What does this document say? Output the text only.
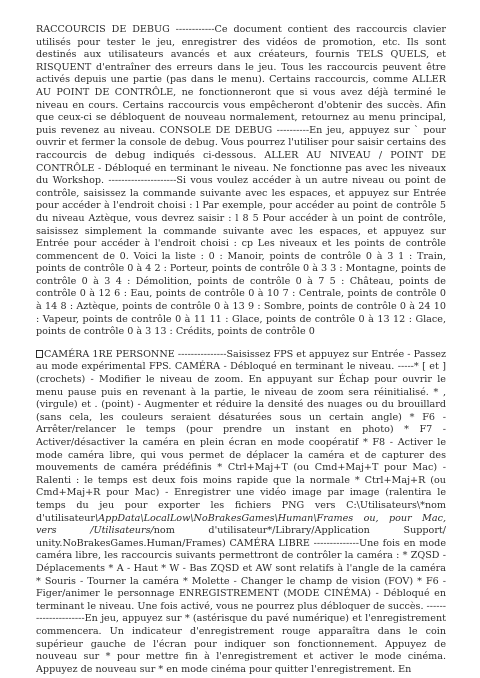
RACCOURCIS DE DEBUG ------------Ce document contient des raccourcis clavier utilisés pour tester le jeu, enregistrer des vidéos de promotion, etc. Ils sont destinés aux utilisateurs avancés et aux créateurs, fournis TELS QUELS, et RISQUENT d'entraîner des erreurs dans le jeu. Tous les raccourcis peuvent être activés depuis une partie (pas dans le menu). Certains raccourcis, comme ALLER AU POINT DE CONTRÔLE, ne fonctionneront que si vous avez déjà terminé le niveau en cours. Certains raccourcis vous empêcheront d'obtenir des succès. Afin que ceux-ci se débloquent de nouveau normalement, retournez au menu principal, puis revenez au niveau. CONSOLE DE DEBUG ----------En jeu, appuyez sur ` pour ouvrir et fermer la console de debug. Vous pourrez l'utiliser pour saisir certains des raccourcis de debug indiqués ci-dessous. ALLER AU NIVEAU / POINT DE CONTRÔLE - Débloqué en terminant le niveau. Ne fonctionne pas avec les niveaux du Workshop. ---------------------Si vous voulez accéder à un autre niveau ou point de contrôle, saisissez la commande suivante avec les espaces, et appuyez sur Entrée pour accéder à l'endroit choisi : l Par exemple, pour accéder au point de contrôle 5 du niveau Aztèque, vous devrez saisir : l 8 5 Pour accéder à un point de contrôle, saisissez simplement la commande suivante avec les espaces, et appuyez sur Entrée pour accéder à l'endroit choisi : cp Les niveaux et les points de contrôle commencent de 0. Voici la liste : 0 : Manoir, points de contrôle 0 à 3 1 : Train, points de contrôle 0 à 4 2 : Porteur, points de contrôle 0 à 3 3 : Montagne, points de contrôle 0 à 3 4 : Démolition, points de contrôle 0 à 7 5 : Château, points de contrôle 0 à 12 6 : Eau, points de contrôle 0 à 10 7 : Centrale, points de contrôle 0 à 14 8 : Aztèque, points de contrôle 0 à 13 9 : Sombre, points de contrôle 0 à 24 10 : Vapeur, points de contrôle 0 à 11 11 : Glace, points de contrôle 0 à 13 12 : Glace, points de contrôle 0 à 3 13 : Crédits, points de contrôle 0

CAMÉRA 1RE PERSONNE ---------------Saisissez FPS et appuyez sur Entrée - Passez au mode expérimental FPS. CAMÉRA - Débloqué en terminant le niveau. -----* [ et ] (crochets) - Modifier le niveau de zoom. En appuyant sur Échap pour ouvrir le menu pause puis en revenant à la partie, le niveau de zoom sera réinitialisé. * , (virgule) et . (point) - Augmenter et réduire la densité des nuages ou du brouillard (sans cela, les couleurs seraient désaturées sous un certain angle) * F6 - Arrêter/relancer le temps (pour prendre un instant en photo) * F7 - Activer/désactiver la caméra en plein écran en mode coopératif * F8 - Activer le mode caméra libre, qui vous permet de déplacer la caméra et de capturer des mouvements de caméra prédéfinis * Ctrl+Maj+T (ou Cmd+Maj+T pour Mac) - Ralenti : le temps est deux fois moins rapide que la normale * Ctrl+Maj+R (ou Cmd+Maj+R pour Mac) - Enregistrer une vidéo image par image (ralentira le temps du jeu pour exporter les fichiers PNG vers C:\Utilisateurs\*nom d'utilisateur\AppData\LocalLow\NoBrakesGames\Human\Frames ou, pour Mac, vers /Utilisateurs/nom d'utilisateur*/Library/Application Support/ unity.NoBrakesGames.Human/Frames) CAMÉRA LIBRE --------------Une fois en mode caméra libre, les raccourcis suivants permettront de contrôler la caméra : * ZQSD - Déplacements * A - Haut * W - Bas ZQSD et AW sont relatifs à l'angle de la caméra * Souris - Tourner la caméra * Molette - Changer le champ de vision (FOV) * F6 - Figer/animer le personnage ENREGISTREMENT (MODE CINÉMA) - Débloqué en terminant le niveau. Une fois activé, vous ne pourrez plus débloquer de succès. ---------------------En jeu, appuyez sur * (astérisque du pavé numérique) et l'enregistrement commencera. Un indicateur d'enregistrement rouge apparaîtra dans le coin supérieur gauche de l'écran pour indiquer son fonctionnement. Appuyez de nouveau sur * pour mettre fin à l'enregistrement et activer le mode cinéma. Appuyez de nouveau sur * en mode cinéma pour quitter l'enregistrement. En
